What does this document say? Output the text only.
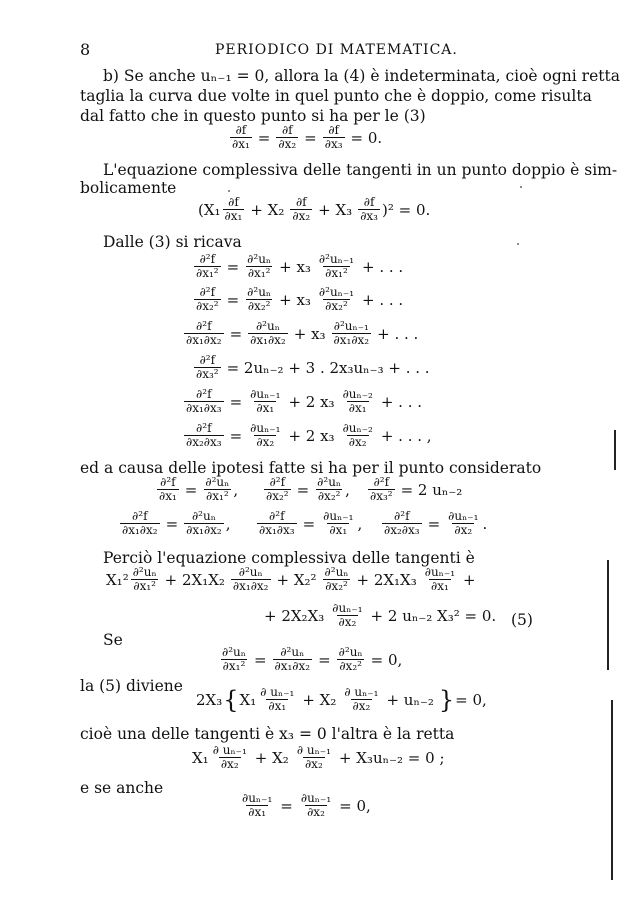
8	PERIODICO DI MATEMATICA.
b) Se anche uₙ₋₁ = 0, allora la (4) è indeterminata, cioè ogni retta
taglia la curva due volte in quel punto che è doppio, come risulta
dal fatto che in questo punto si ha per le (3)
$\frac{\partial f}{\text{∂x₁}} = \frac{\partial f}{\text{∂x₂}} = \frac{\partial f}{\text{∂x₃}} = 0$.
L'equazione complessiva delle tangenti in un punto doppio è sim-
bolicamente
$(X_1 \frac{\partial f}{\text{∂x₁}} + X_2 \frac{\partial f}{\text{∂x₂}} + X_3 \frac{\partial f}{\text{∂x₃}} )^2 = 0$.
Dalle (3) si ricava
$\frac{\text{∂²f}}{\text{∂x₁²}} = \frac{\text{∂²uₙ}}{\text{∂x₁²}} + x_3 \frac{\text{∂²uₙ₋₁}}{\text{∂x₁²}}$ + . . .
$\frac{\text{∂²f}}{\text{∂x₂²}} = \frac{\text{∂²uₙ}}{\text{∂x₂²}} + x_3 \frac{\text{∂²uₙ₋₁}}{\text{∂x₂²}}$ + . . .
$\frac{\text{∂²f}}{\text{∂x₁∂x₂}} = \frac{\text{∂²uₙ}}{\text{∂x₁∂x₂}} + x_3 \frac{\text{∂²uₙ₋₁}}{\text{∂x₁∂x₂}}$ + . . .
$\frac{\text{∂²f}}{\text{∂x₃²}} = 2u_{n-2} + 3$ . 2x₃uₙ₋₃ + . . .
$\frac{\text{∂²f}}{\text{∂x₁∂x₃}} = \frac{\text{∂uₙ₋₁}}{\text{∂x₁}} + 2$ $x_3 \frac{\text{∂uₙ₋₂}}{\text{∂x₁}}$ + . . .
$\frac{\text{∂²f}}{\text{∂x₂∂x₃}} = \frac{\text{∂uₙ₋₁}}{\text{∂x₂}} + 2$ $x_3 \frac{\text{∂uₙ₋₂}}{\text{∂x₂}}$ + . . . ,
ed a causa delle ipotesi fatte si ha per il punto considerato
$\frac{\text{∂²f}}{\text{∂x₁}} = \frac{\text{∂²uₙ}}{\text{∂x₁²}}$ , $\frac{\text{∂²f}}{\text{∂x₂²}} = \frac{\text{∂²uₙ}}{\text{∂x₂²}}$ , $\frac{\text{∂²f}}{\text{∂x₃²}} = 2$ uₙ₋₂
$\frac{\text{∂²f}}{\text{∂x₁∂x₂}} = \frac{\text{∂²uₙ}}{\text{∂x₁∂x₂}}$ , $\frac{\text{∂²f}}{\text{∂x₁∂x₃}} = \frac{\text{∂uₙ₋₁}}{\text{∂x₁}}$ , $\frac{\text{∂²f}}{\text{∂x₂∂x₃}} = \frac{\text{∂uₙ₋₁}}{\text{∂x₂}}$ .
Perciò l'equazione complessiva delle tangenti è
$X_1^2 \frac{\text{∂²uₙ}}{\text{∂x₁²}} + 2X_1X_2 \frac{\text{∂²uₙ}}{\text{∂x₁∂x₂}} + X_2^2 \frac{\text{∂²uₙ}}{\text{∂x₂²}} + 2X_1X_3 \frac{\text{∂uₙ₋₁}}{\text{∂x₁}}$ +
+ $2X_2X_3 \frac{\text{∂uₙ₋₁}}{\text{∂x₂}} + 2$ uₙ₋₂ X₃² = 0. (5)
Se
$\frac{\text{∂²uₙ}}{\text{∂x₁²}} = \frac{\text{∂²uₙ}}{\text{∂x₁∂x₂}} = \frac{\text{∂²uₙ}}{\text{∂x₂²}} = 0$,
la (5) diviene
2X₃ { $X_1 \frac{\text{∂ uₙ₋₁}}{\text{∂x₁}} + X_2 \frac{\text{∂ uₙ₋₁}}{\text{∂x₂}} + u_{n-2}$ } = 0,
cioè una delle tangenti è x₃ = 0 l'altra è la retta
$X_1 \frac{\text{∂ uₙ₋₁}}{\text{∂x₂}} + X_2 \frac{\text{∂ uₙ₋₁}}{\text{∂x₂}} + X_3u_{n-2} = 0$ ;
e se anche
$\frac{\text{∂uₙ₋₁}}{\text{∂x₁}} = \frac{\text{∂uₙ₋₁}}{\text{∂x₂}} = 0$,
